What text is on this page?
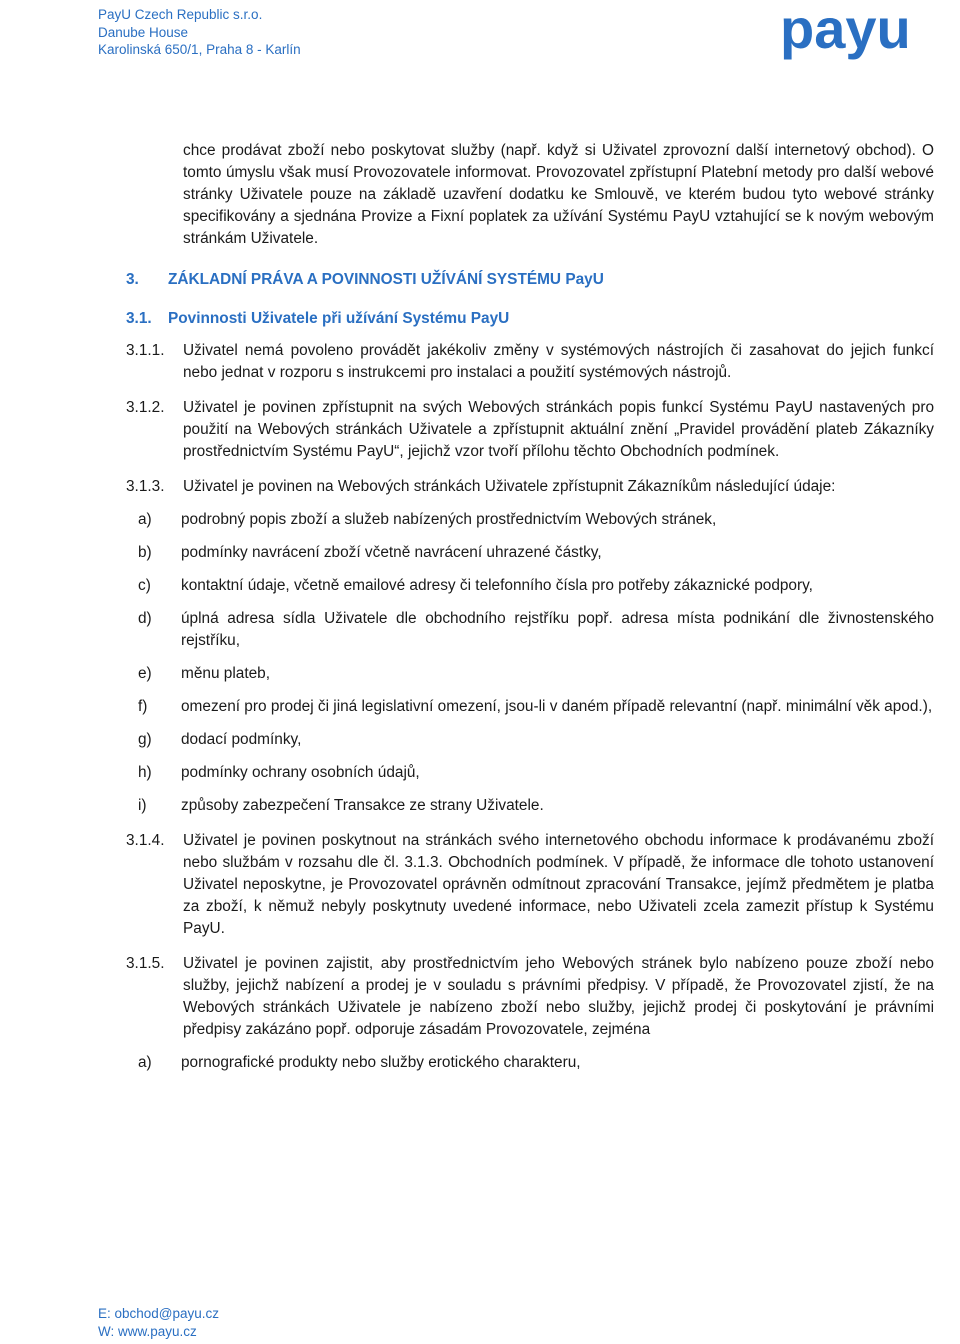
PayU Czech Republic s.r.o.
Danube House
Karolinská 650/1, Praha 8 - Karlín	payu
chce prodávat zboží nebo poskytovat služby (např. když si Uživatel zprovozní další internetový obchod). O tomto úmyslu však musí Provozovatele informovat. Provozovatel zpřístupní Platební metody pro další webové stránky Uživatele pouze na základě uzavření dodatku ke Smlouvě, ve kterém budou tyto webové stránky specifikovány a sjednána Provize a Fixní poplatek za užívání Systému PayU vztahující se k novým webovým stránkám Uživatele.
3.	ZÁKLADNÍ PRÁVA A POVINNOSTI UŽÍVÁNÍ SYSTÉMU PayU
3.1.	Povinnosti Uživatele při užívání Systému PayU
3.1.1.	Uživatel nemá povoleno provádět jakékoliv změny v systémových nástrojích či zasahovat do jejich funkcí nebo jednat v rozporu s instrukcemi pro instalaci a použití systémových nástrojů.
3.1.2.	Uživatel je povinen zpřístupnit na svých Webových stránkách popis funkcí Systému PayU nastavených pro použití na Webových stránkách Uživatele a zpřístupnit aktuální znění „Pravidel provádění plateb Zákazníky prostřednictvím Systému PayU“, jejichž vzor tvoří přílohu těchto Obchodních podmínek.
3.1.3.	Uživatel je povinen na Webových stránkách Uživatele zpřístupnit Zákazníkům následující údaje:
a)	podrobný popis zboží a služeb nabízených prostřednictvím Webových stránek,
b)	podmínky navrácení zboží včetně navrácení uhrazené částky,
c)	kontaktní údaje, včetně emailové adresy či telefonního čísla pro potřeby zákaznické podpory,
d)	úplná adresa sídla Uživatele dle obchodního rejstříku popř. adresa místa podnikání dle živnostenského rejstříku,
e)	měnu plateb,
f)	omezení pro prodej či jiná legislativní omezení, jsou-li v daném případě relevantní (např. minimální věk apod.),
g)	dodací podmínky,
h)	podmínky ochrany osobních údajů,
i)	způsoby zabezpečení Transakce ze strany Uživatele.
3.1.4.	Uživatel je povinen poskytnout na stránkách svého internetového obchodu informace k prodávanému zboží nebo službám v rozsahu dle čl. 3.1.3. Obchodních podmínek. V případě, že informace dle tohoto ustanovení Uživatel neposkytne, je Provozovatel oprávněn odmítnout zpracování Transakce, jejímž předmětem je platba za zboží, k němuž nebyly poskytnuty uvedené informace, nebo Uživateli zcela zamezit přístup k Systému PayU.
3.1.5.	Uživatel je povinen zajistit, aby prostřednictvím jeho Webových stránek bylo nabízeno pouze zboží nebo služby, jejichž nabízení a prodej je v souladu s právními předpisy. V případě, že Provozovatel zjistí, že na Webových stránkách Uživatele je nabízeno zboží nebo služby, jejichž prodej či poskytování je právními předpisy zakázáno popř. odporuje zásadám Provozovatele, zejména
a)	pornografické produkty nebo služby erotického charakteru,
E: obchod@payu.cz
W: www.payu.cz
